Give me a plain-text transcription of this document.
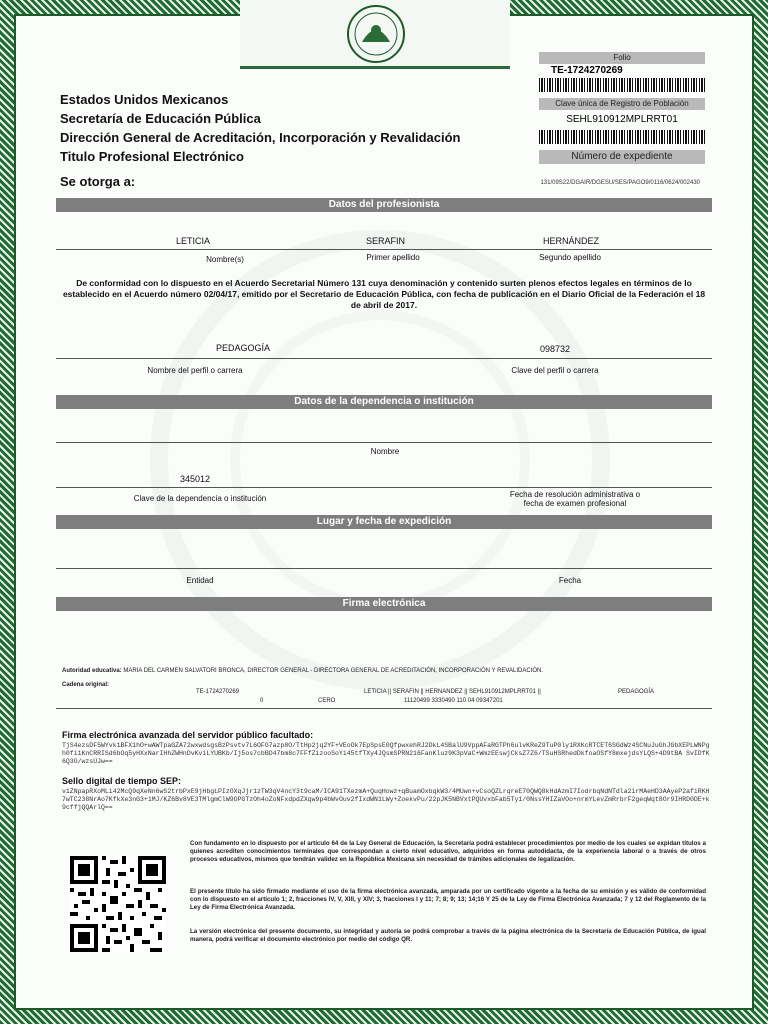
Estados Unidos Mexicanos
Secretaría de Educación Pública
Dirección General de Acreditación, Incorporación y Revalidación
Titulo Profesional Electrónico
Se otorga a:
Folio
TE-1724270269
Clave única de Registro de Población
SEHL910912MPLRRT01
Número de expediente
131/09S22/DGAIR/DGESU/SES/PAGO9/0116/0624/002430
Datos del profesionista
LETICIA	SERAFIN	HERNÁNDEZ
Nombre(s)	Primer apellido	Segundo apellido
De conformidad con lo dispuesto en el Acuerdo Secretarial Número 131 cuya denominación y contenido surten plenos efectos legales en términos de lo establecido en el Acuerdo número 02/04/17, emitido por el Secretario de Educación Pública, con fecha de publicación en el Diario Oficial de la Federación el 18 de abril de 2017.
PEDAGOGÍA	098732
Nombre del perfil o carrera	Clave del perfil o carrera
Datos de la dependencia o institución
Nombre
345012
Clave de la dependencia o institución	Fecha de resolución administrativa o
fecha de examen profesional
Lugar y fecha de expedición
Entidad	Fecha
Firma electrónica
Autoridad educativa: MARIA DEL CARMEN SALVATORI BRONCA, DIRECTOR GENERAL - DIRECTORA GENERAL DE ACREDITACIÓN, INCORPORACIÓN Y REVALIDACIÓN.
Cadena original:
TE-1724270269	LETICIA || SERAFIN || HERNANDEZ || SEHL910912MPLRRT01 ||	PEDAGOGÍA
0	CERO	11120499 3330490 110 04 09347201
Firma electrónica avanzada del servidor público facultado:
TjS4ezsDF5WYvk1BFX1hO+wAWTpaGZA72wxwdsgsBzPsvtv7L6OFG7azp8O/TtHp2jq2YF+VEoOk7EpSpsE0QfpwxehRJ2DkL4SBalU9VppAFaRGTPh6ulvKReZ9TuP0ly1RXKcRTCET6SGdWz4SCNuJuGhJGbXEPLWNPgh0fi1KnCRRISd6bOq5yHXxNarIHhZWHnDvKviLYUBKb/Ij5os7cbBD47bm8c7FFfZizooSoYi45tfTXy4JQsmSPRN216FanKluz9K3pVaC+WmzEEswjCksZ7Z6/TSuHSRhedDkfoaOSfY8mxejdsYLQS+4D9tBA SvIDfK6Q3G/wzsUJw==
Sello digital de tiempo SEP:
v1ZNpapRXoMLi42McQ9qXeNn6wS2trbPxE9jHbgLPIzOXqJjr1zTW3qV4ncY3t9caM/ICA91TXezmA+QuqHowz+qBuamOxbqkW3/4MUwn+vCsoQZLrqreE70QWQ8kHdAzmI7IodrbqNdNTdla2irMAeHD3AAyeP2afiRKH7wTC238NrAo7KfkXe3nG3+1MJ/KZ6Bv8VE3TMlgmClW9OPGTzOh4oZoNFxdpdZXqw9p4bWvOuv2fIxdWN1LWy+ZoekvPu/22pJK5NBVxtPQUvxbFab5Ty1/0NssYHIZaVOo+nrmYLevZmRrbrF2geqWqt8Or9IHRD0DE+k9cffjQQArlQ==
Con fundamento en lo dispuesto por el artículo 64 de la Ley General de Educación, la Secretaría podrá establecer procedimientos por medio de los cuales se expidan títulos a quienes acrediten conocimientos terminales que correspondan a cierto nivel educativo, adquiridos en forma autodidacta, de la experiencia laboral o a través de otros procesos educativos, mismos que tendrán validez en la República Mexicana sin necesidad de trámites adicionales de legalización.
El presente título ha sido firmado mediante el uso de la firma electrónica avanzada, amparada por un certificado vigente a la fecha de su emisión y es válido de conformidad con lo dispuesto en el artículo 1; 2, fracciones IV, V, XIII, y XIV; 3, fracciones I y 11; 7; 8; 9; 13; 14;16 Y 25 de la Ley de Firma Electrónica Avanzada; 7 y 12 del Reglamento de la Ley de Firma Electrónica Avanzada.
La versión electrónica del presente documento, su integridad y autoría se podrá comprobar a través de la página electrónica de la Secretaría de Educación Pública, de igual manera, podrá verificar el documento electrónico por medio del código QR.
